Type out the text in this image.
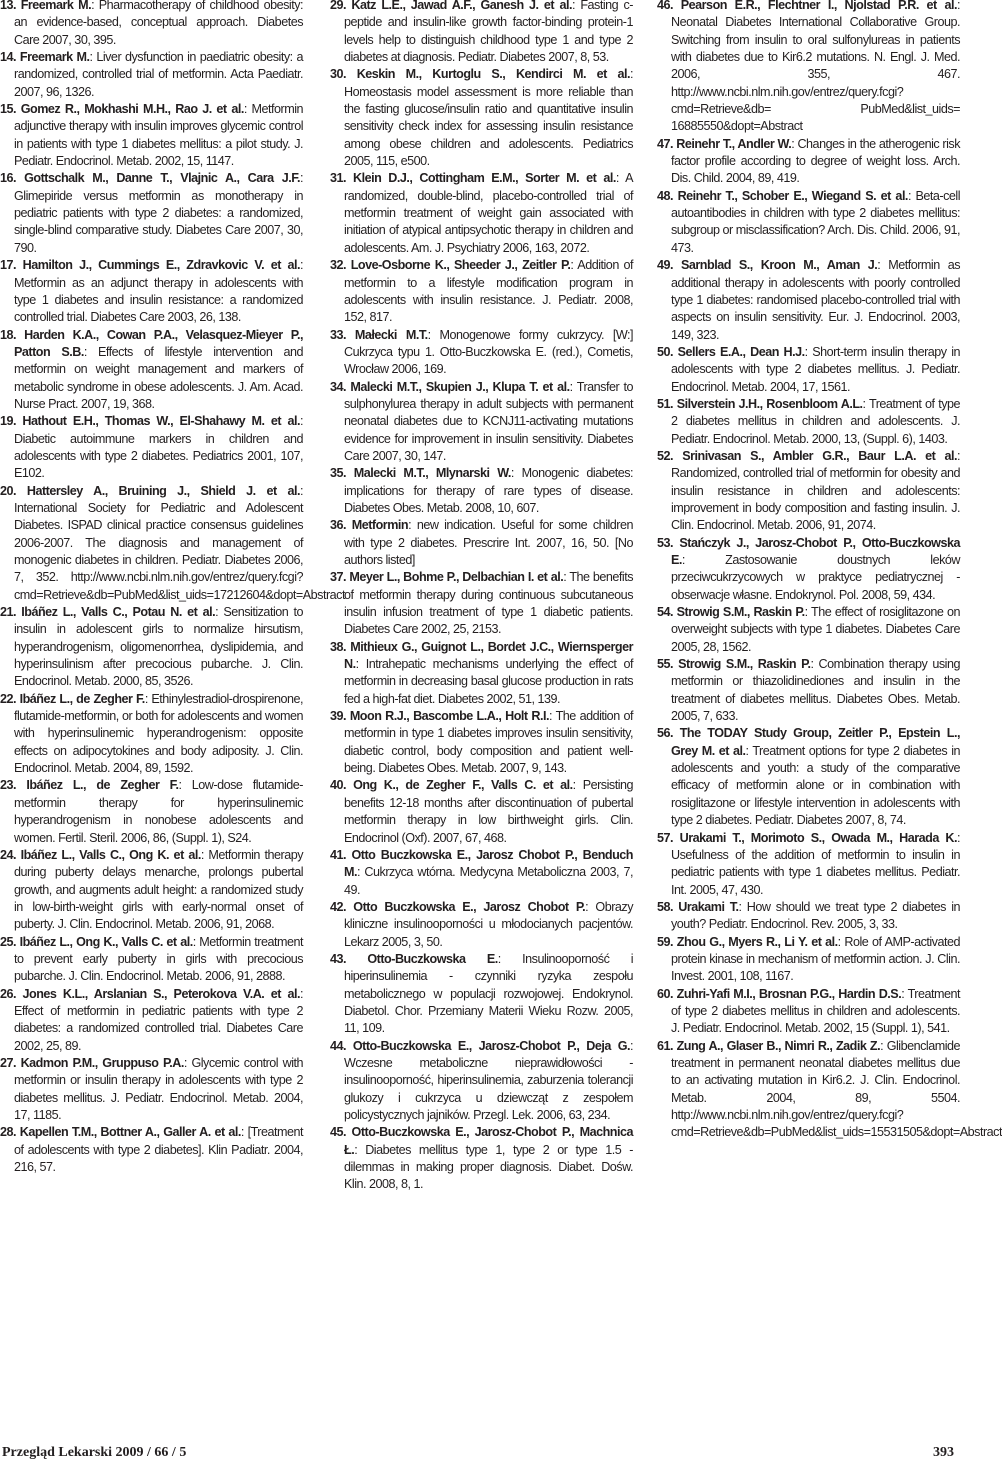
13. Freemark M.: Pharmacotherapy of childhood obesity: an evidence-based, conceptual approach. Diabetes Care 2007, 30, 395.

14. Freemark M.: Liver dysfunction in paediatric obesity: a randomized, controlled trial of metformin. Acta Paediatr. 2007, 96, 1326.

15. Gomez R., Mokhashi M.H., Rao J. et al.: Metformin adjunctive therapy with insulin improves glycemic control in patients with type 1 diabetes mellitus: a pilot study. J. Pediatr. Endocrinol. Metab. 2002, 15, 1147.

16. Gottschalk M., Danne T., Vlajnic A., Cara J.F.: Glimepiride versus metformin as monotherapy in pediatric patients with type 2 diabetes: a randomized, single-blind comparative study. Diabetes Care 2007, 30, 790.

17. Hamilton J., Cummings E., Zdravkovic V. et al.: Metformin as an adjunct therapy in adolescents with type 1 diabetes and insulin resistance: a randomized controlled trial. Diabetes Care 2003, 26, 138.

18. Harden K.A., Cowan P.A., Velasquez-Mieyer P., Patton S.B.: Effects of lifestyle intervention and metformin on weight management and markers of metabolic syndrome in obese adolescents. J. Am. Acad. Nurse Pract. 2007, 19, 368.

19. Hathout E.H., Thomas W., El-Shahawy M. et al.: Diabetic autoimmune markers in children and adolescents with type 2 diabetes. Pediatrics 2001, 107, E102.

20. Hattersley A., Bruining J., Shield J. et al.: International Society for Pediatric and Adolescent Diabetes. ISPAD clinical practice consensus guidelines 2006-2007. The diagnosis and management of monogenic diabetes in children. Pediatr. Diabetes 2006, 7, 352. http://www.ncbi.nlm.nih.gov/entrez/query.fcgi?cmd=Retrieve&db=PubMed&list_uids=17212604&dopt=Abstract

21. Ibáñez L., Valls C., Potau N. et al.: Sensitization to insulin in adolescent girls to normalize hirsutism, hyperandrogenism, oligomenorrhea, dyslipidemia, and hyperinsulinism after precocious pubarche. J. Clin. Endocrinol. Metab. 2000, 85, 3526.

22. Ibáñez L., de Zegher F.: Ethinylestradiol-drospirenone, flutamide-metformin, or both for adolescents and women with hyperinsulinemic hyperandrogenism: opposite effects on adipocytokines and body adiposity. J. Clin. Endocrinol. Metab. 2004, 89, 1592.

23. Ibáñez L., de Zegher F.: Low-dose flutamide-metformin therapy for hyperinsulinemic hyperandrogenism in nonobese adolescents and women. Fertil. Steril. 2006, 86, (Suppl. 1), S24.

24. Ibáñez L., Valls C., Ong K. et al.: Metformin therapy during puberty delays menarche, prolongs pubertal growth, and augments adult height: a randomized study in low-birth-weight girls with early-normal onset of puberty. J. Clin. Endocrinol. Metab. 2006, 91, 2068.

25. Ibáñez L., Ong K., Valls C. et al.: Metformin treatment to prevent early puberty in girls with precocious pubarche. J. Clin. Endocrinol. Metab. 2006, 91, 2888.

26. Jones K.L., Arslanian S., Peterokova V.A. et al.: Effect of metformin in pediatric patients with type 2 diabetes: a randomized controlled trial. Diabetes Care 2002, 25, 89.

27. Kadmon P.M., Gruppuso P.A.: Glycemic control with metformin or insulin therapy in adolescents with type 2 diabetes mellitus. J. Pediatr. Endocrinol. Metab. 2004, 17, 1185.

28. Kapellen T.M., Bottner A., Galler A. et al.: [Treatment of adolescents with type 2 diabetes]. Klin Padiatr. 2004, 216, 57.

29. Katz L.E., Jawad A.F., Ganesh J. et al.: Fasting c-peptide and insulin-like growth factor-binding protein-1 levels help to distinguish childhood type 1 and type 2 diabetes at diagnosis. Pediatr. Diabetes 2007, 8, 53.

30. Keskin M., Kurtoglu S., Kendirci M. et al.: Homeostasis model assessment is more reliable than the fasting glucose/insulin ratio and quantitative insulin sensitivity check index for assessing insulin resistance among obese children and adolescents. Pediatrics 2005, 115, e500.

31. Klein D.J., Cottingham E.M., Sorter M. et al.: A randomized, double-blind, placebo-controlled trial of metformin treatment of weight gain associated with initiation of atypical antipsychotic therapy in children and adolescents. Am. J. Psychiatry 2006, 163, 2072.

32. Love-Osborne K., Sheeder J., Zeitler P.: Addition of metformin to a lifestyle modification program in adolescents with insulin resistance. J. Pediatr. 2008, 152, 817.

33. Małecki M.T.: Monogenowe formy cukrzycy. [W:] Cukrzyca typu 1. Otto-Buczkowska E. (red.), Cometis, Wrocław 2006, 169.

34. Malecki M.T., Skupien J., Klupa T. et al.: Transfer to sulphonylurea therapy in adult subjects with permanent neonatal diabetes due to KCNJ11-activating mutations evidence for improvement in insulin sensitivity. Diabetes Care 2007, 30, 147.

35. Malecki M.T., Mlynarski W.: Monogenic diabetes: implications for therapy of rare types of disease. Diabetes Obes. Metab. 2008, 10, 607.

36. Metformin: new indication. Useful for some children with type 2 diabetes. Prescrire Int. 2007, 16, 50. [No authors listed]

37. Meyer L., Bohme P., Delbachian I. et al.: The benefits of metformin therapy during continuous subcutaneous insulin infusion treatment of type 1 diabetic patients. Diabetes Care 2002, 25, 2153.

38. Mithieux G., Guignot L., Bordet J.C., Wiernsperger N.: Intrahepatic mechanisms underlying the effect of metformin in decreasing basal glucose production in rats fed a high-fat diet. Diabetes 2002, 51, 139.

39. Moon R.J., Bascombe L.A., Holt R.I.: The addition of metformin in type 1 diabetes improves insulin sensitivity, diabetic control, body composition and patient well-being. Diabetes Obes. Metab. 2007, 9, 143.

40. Ong K., de Zegher F., Valls C. et al.: Persisting benefits 12-18 months after discontinuation of pubertal metformin therapy in low birthweight girls. Clin. Endocrinol (Oxf). 2007, 67, 468.

41. Otto Buczkowska E., Jarosz Chobot P., Benduch M.: Cukrzyca wtórna. Medycyna Metaboliczna 2003, 7, 49.

42. Otto Buczkowska E., Jarosz Chobot P.: Obrazy kliniczne insulinooporności u młodocianych pacjentów. Lekarz 2005, 3, 50.

43. Otto-Buczkowska E.: Insulinooporność i hiperinsulinemia - czynniki ryzyka zespołu metabolicznego w populacji rozwojowej. Endokrynol. Diabetol. Chor. Przemiany Materii Wieku Rozw. 2005, 11, 109.

44. Otto-Buczkowska E., Jarosz-Chobot P., Deja G.: Wczesne metaboliczne nieprawidłowości - insulinooporność, hiperinsulinemia, zaburzenia tolerancji glukozy i cukrzyca u dziewcząt z zespołem policystycznych jajników. Przegl. Lek. 2006, 63, 234.

45. Otto-Buczkowska E., Jarosz-Chobot P., Machnica Ł.: Diabetes mellitus type 1, type 2 or type 1.5 - dilemmas in making proper diagnosis. Diabet. Dośw. Klin. 2008, 8, 1.

46. Pearson E.R., Flechtner I., Njolstad P.R. et al.: Neonatal Diabetes International Collaborative Group. Switching from insulin to oral sulfonylureas in patients with diabetes due to Kir6.2 mutations. N. Engl. J. Med. 2006, 355, 467. http://www.ncbi.nlm.nih.gov/entrez/query.fcgi?cmd=Retrieve&db= PubMed&list_uids= 16885550&dopt=Abstract

47. Reinehr T., Andler W.: Changes in the atherogenic risk factor profile according to degree of weight loss. Arch. Dis. Child. 2004, 89, 419.

48. Reinehr T., Schober E., Wiegand S. et al.: Beta-cell autoantibodies in children with type 2 diabetes mellitus: subgroup or misclassification? Arch. Dis. Child. 2006, 91, 473.

49. Sarnblad S., Kroon M., Aman J.: Metformin as additional therapy in adolescents with poorly controlled type 1 diabetes: randomised placebo-controlled trial with aspects on insulin sensitivity. Eur. J. Endocrinol. 2003, 149, 323.

50. Sellers E.A., Dean H.J.: Short-term insulin therapy in adolescents with type 2 diabetes mellitus. J. Pediatr. Endocrinol. Metab. 2004, 17, 1561.

51. Silverstein J.H., Rosenbloom A.L.: Treatment of type 2 diabetes mellitus in children and adolescents. J. Pediatr. Endocrinol. Metab. 2000, 13, (Suppl. 6), 1403.

52. Srinivasan S., Ambler G.R., Baur L.A. et al.: Randomized, controlled trial of metformin for obesity and insulin resistance in children and adolescents: improvement in body composition and fasting insulin. J. Clin. Endocrinol. Metab. 2006, 91, 2074.

53. Stańczyk J., Jarosz-Chobot P., Otto-Buczkowska E.: Zastosowanie doustnych leków przeciwcukrzycowych w praktyce pediatrycznej - obserwacje własne. Endokrynol. Pol. 2008, 59, 434.

54. Strowig S.M., Raskin P.: The effect of rosiglitazone on overweight subjects with type 1 diabetes. Diabetes Care 2005, 28, 1562.

55. Strowig S.M., Raskin P.: Combination therapy using metformin or thiazolidinediones and insulin in the treatment of diabetes mellitus. Diabetes Obes. Metab. 2005, 7, 633.

56. The TODAY Study Group, Zeitler P., Epstein L., Grey M. et al.: Treatment options for type 2 diabetes in adolescents and youth: a study of the comparative efficacy of metformin alone or in combination with rosiglitazone or lifestyle intervention in adolescents with type 2 diabetes. Pediatr. Diabetes 2007, 8, 74.

57. Urakami T., Morimoto S., Owada M., Harada K.: Usefulness of the addition of metformin to insulin in pediatric patients with type 1 diabetes mellitus. Pediatr. Int. 2005, 47, 430.

58. Urakami T.: How should we treat type 2 diabetes in youth? Pediatr. Endocrinol. Rev. 2005, 3, 33.

59. Zhou G., Myers R., Li Y. et al.: Role of AMP-activated protein kinase in mechanism of metformin action. J. Clin. Invest. 2001, 108, 1167.

60. Zuhri-Yafi M.I., Brosnan P.G., Hardin D.S.: Treatment of type 2 diabetes mellitus in children and adolescents. J. Pediatr. Endocrinol. Metab. 2002, 15 (Suppl. 1), 541.

61. Zung A., Glaser B., Nimri R., Zadik Z.: Glibenclamide treatment in permanent neonatal diabetes mellitus due to an activating mutation in Kir6.2. J. Clin. Endocrinol. Metab. 2004, 89, 5504. http://www.ncbi.nlm.nih.gov/entrez/query.fcgi?cmd=Retrieve&db=PubMed&list_uids=15531505&dopt=Abstract

Przegląd Lekarski 2009 / 66 / 5	393
